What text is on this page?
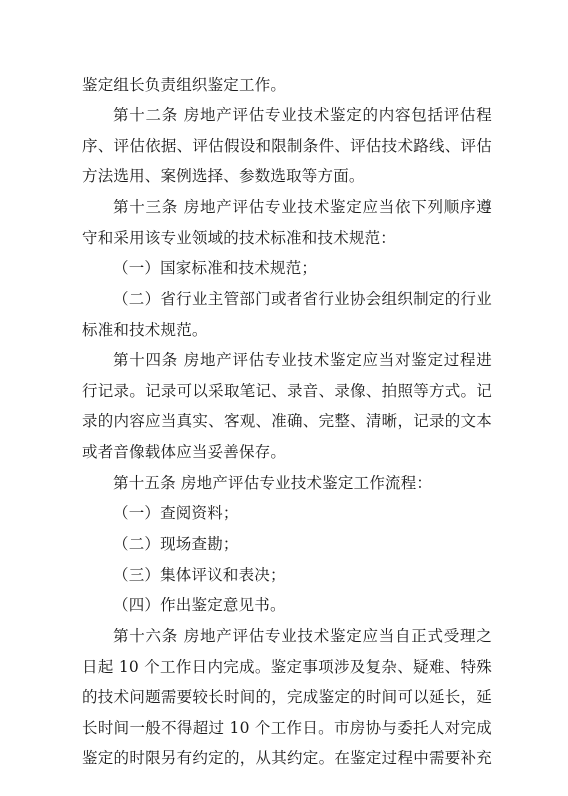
鉴定组长负责组织鉴定工作。
第十二条 房地产评估专业技术鉴定的内容包括评估程
序、评估依据、评估假设和限制条件、评估技术路线、评估
方法选用、案例选择、参数选取等方面。
第十三条 房地产评估专业技术鉴定应当依下列顺序遵
守和采用该专业领域的技术标准和技术规范：
（一）国家标准和技术规范；
（二）省行业主管部门或者省行业协会组织制定的行业
标准和技术规范。
第十四条 房地产评估专业技术鉴定应当对鉴定过程进
行记录。记录可以采取笔记、录音、录像、拍照等方式。记
录的内容应当真实、客观、准确、完整、清晰，记录的文本
或者音像载体应当妥善保存。
第十五条 房地产评估专业技术鉴定工作流程：
（一）查阅资料；
（二）现场查勘；
（三）集体评议和表决；
（四）作出鉴定意见书。
第十六条 房地产评估专业技术鉴定应当自正式受理之
日起 10 个工作日内完成。鉴定事项涉及复杂、疑难、特殊
的技术问题需要较长时间的，完成鉴定的时间可以延长，延
长时间一般不得超过 10 个工作日。市房协与委托人对完成
鉴定的时限另有约定的，从其约定。在鉴定过程中需要补充
